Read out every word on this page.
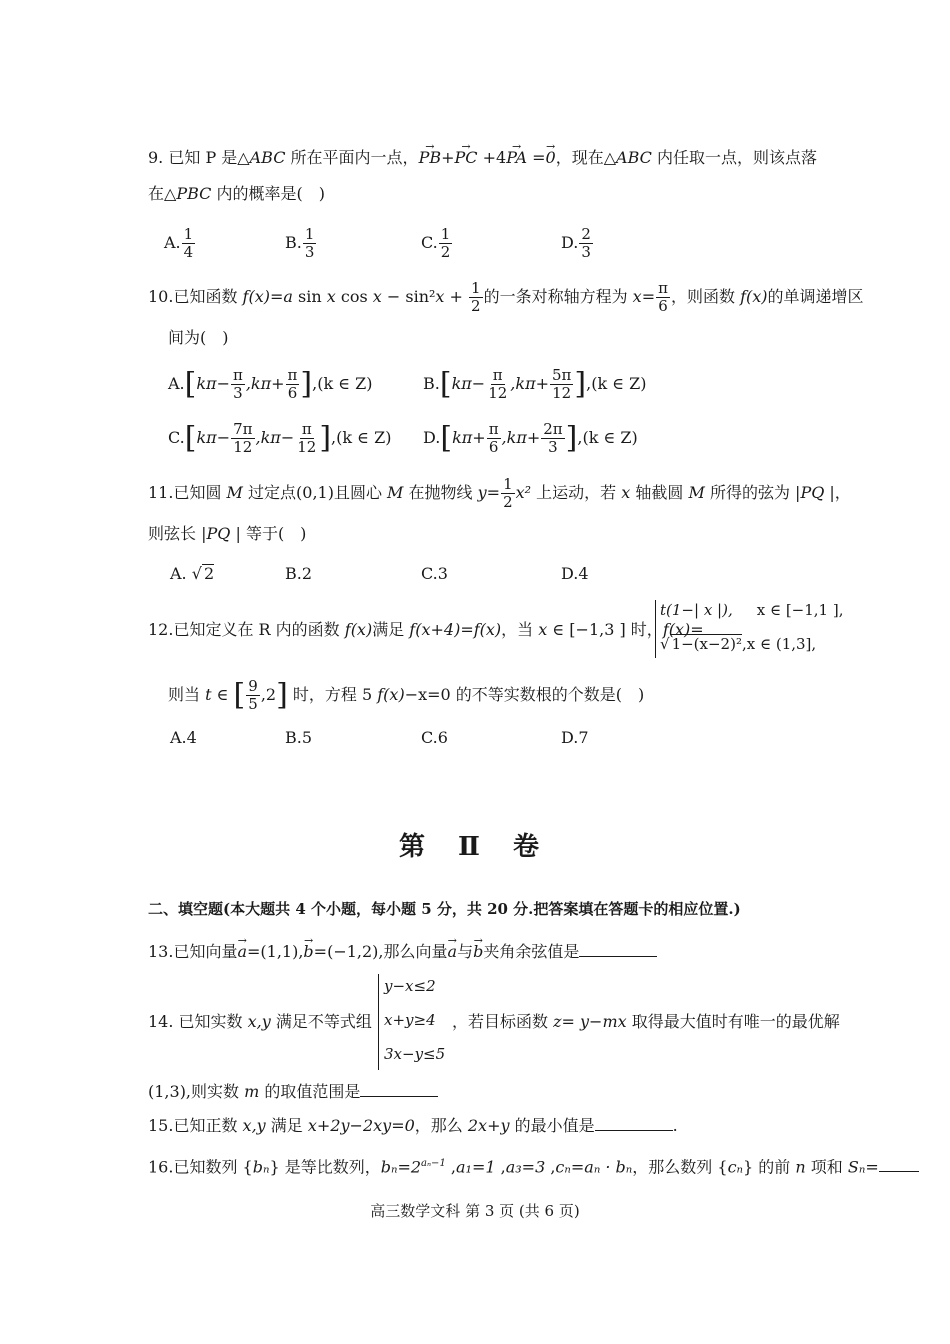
9. 已知 P 是△ABC 所在平面内一点，→ PB+→ PC +4→ PA =→ 0，现在△ABC 内任取一点，则该点落
在△PBC 内的概率是(　)
A. $\frac{1}{4}$	B. $\frac{1}{3}$	C. $\frac{1}{2}$	D. $\frac{2}{3}$
10.已知函数 f(x)=a sin x $\cos x - \sin^2x + \frac{1}{2}$ 的一条对称轴方程为 $x= \frac{\pi}{6}$ ，则函数 f(x)的单调递增区
间为(　)
$A.[k\pi- \frac{\pi}{3} ,k\pi+ \frac{\pi}{6} ],(k$ ∈ Z)	$B.[k\pi- \frac{\pi}{12} ,k\pi+ \frac{5\pi}{12} ],(k$ ∈ Z)
$C.[k\pi- \frac{7\pi}{12} ,k\pi- \frac{\pi}{12} ],(k$ ∈ Z) $D.[k\pi+ \frac{\pi}{6} ,k\pi+ \frac{2\pi}{3} ],(k$ ∈ Z)
11.已知圆 M 过定点(0,1)且圆心 M 在抛物线 $y= \frac{1}{2} x^2$ 上运动，若 x 轴截圆 M 所得的弦为 |PQ |，
则弦长 |PQ | 等于(　)
A. √ 2	B.2	C.3	D.4
12.已知定义在 R 内的函数 f(x)满足 f(x+4)=f(x)，当 x ∈ [−1,3 ] 时，f(x)=
t(1−| x |), x ∈ [−1,1 ],
√ 1−(x−2)²,x ∈ (1,3],
则当 t ∈ [ $\frac{9}{5} ,2$] 时，方程 5 f(x)−x=0 的不等实数根的个数是(　)
A.4	B.5	C.6	D.7
第 Ⅱ 卷
二、填空题(本大题共 4 个小题，每小题 5 分，共 20 分.把答案填在答题卡的相应位置.)
13.已知向量→ a=(1,1),→ b=(−1,2),那么向量→ a与→ b夹角余弦值是
14. 已知实数 x,y 满足不等式组
y−x≤2
x+y≥4
3x−y≤5
，若目标函数 z= y−mx 取得最大值时有唯一的最优解
(1,3),则实数 m 的取值范围是
15.已知正数 x,y 满足 x+2y−2xy=0，那么 2x+y 的最小值是	.
16.已知数列 {bₙ} 是等比数列，$b_n=2^{a_n-1}$ ,a₁=1 ,a₃=3 ,cₙ=aₙ · bₙ，那么数列 {cₙ} 的前 n 项和 Sₙ=
高三数学文科 第 3 页 (共 6 页)
